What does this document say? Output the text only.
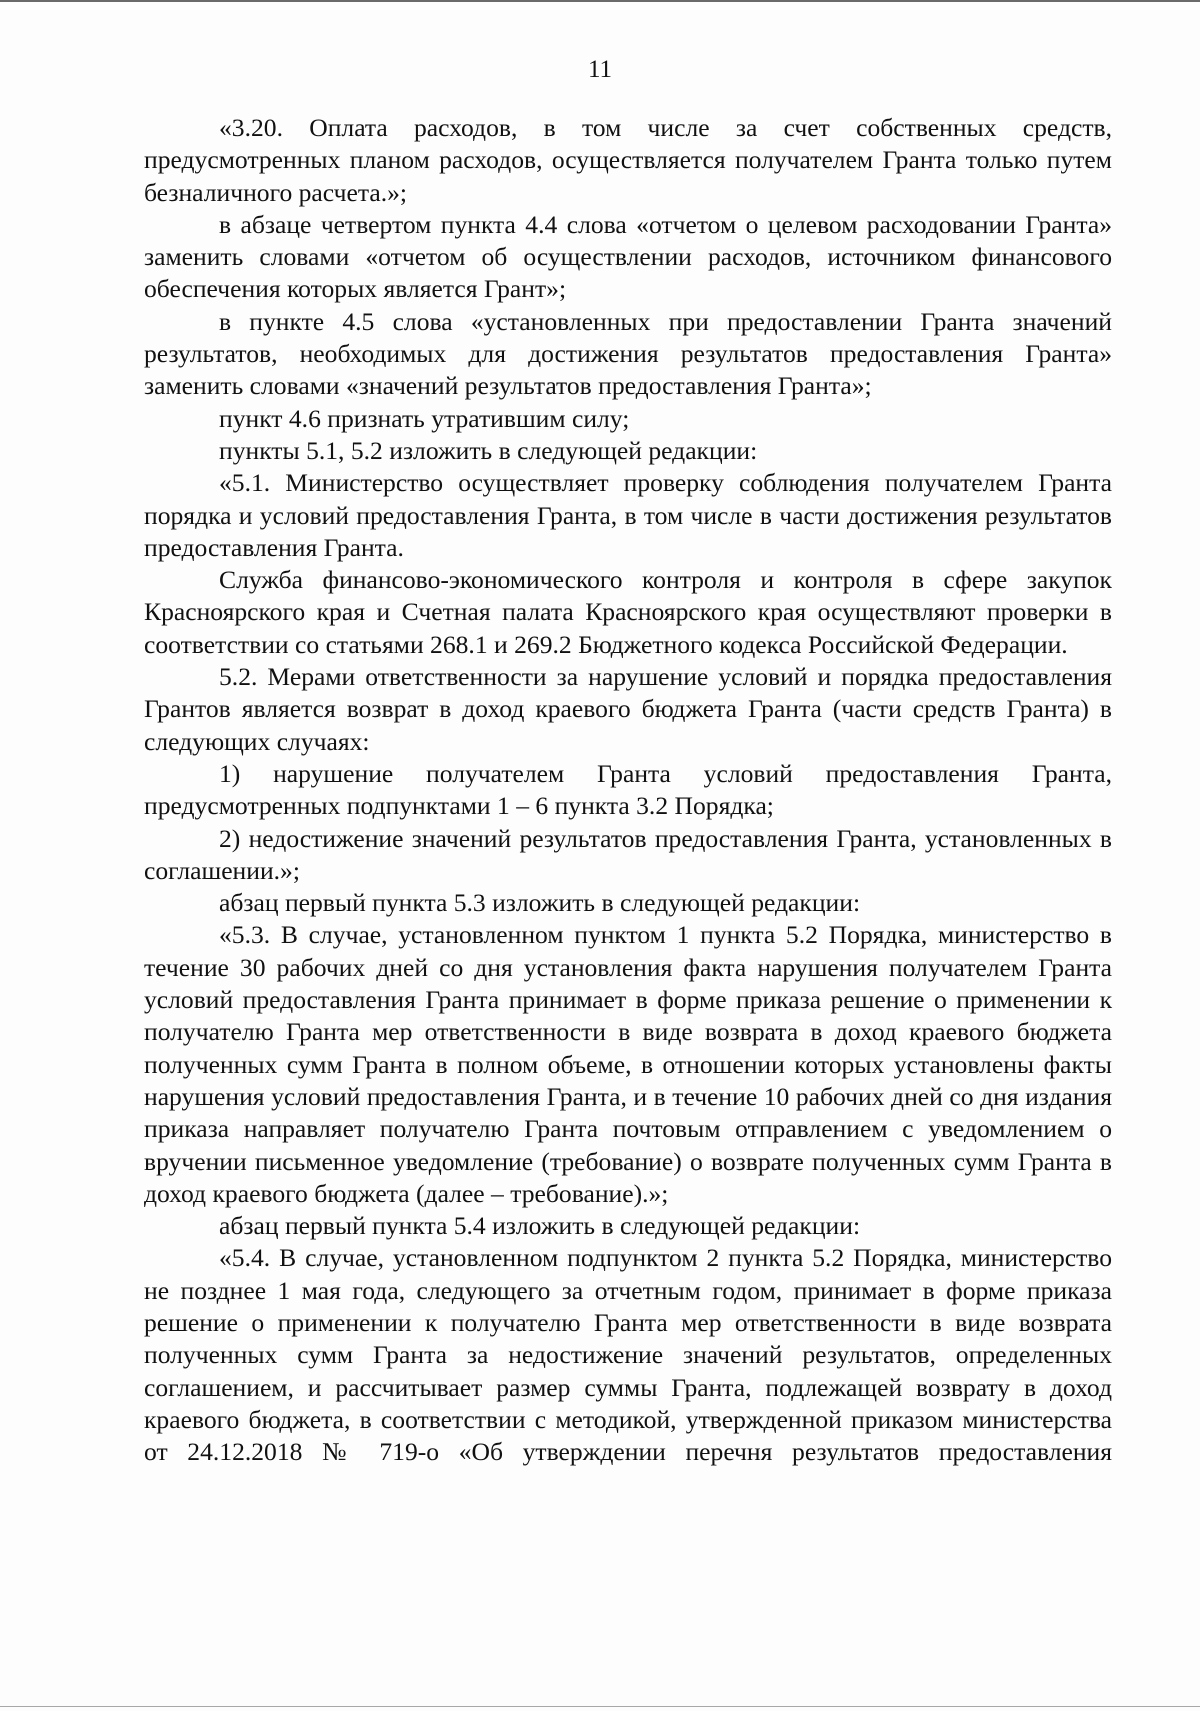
11

«3.20. Оплата расходов, в том числе за счет собственных средств, предусмотренных планом расходов, осуществляется получателем Гранта только путем безналичного расчета.»;

в абзаце четвертом пункта 4.4 слова «отчетом о целевом расходовании Гранта» заменить словами «отчетом об осуществлении расходов, источником финансового обеспечения которых является Грант»;

в пункте 4.5 слова «установленных при предоставлении Гранта значений результатов, необходимых для достижения результатов предоставления Гранта» заменить словами «значений результатов предоставления Гранта»;

пункт 4.6 признать утратившим силу;

пункты 5.1, 5.2 изложить в следующей редакции:

«5.1. Министерство осуществляет проверку соблюдения получателем Гранта порядка и условий предоставления Гранта, в том числе в части достижения результатов предоставления Гранта.

Служба финансово-экономического контроля и контроля в сфере закупок Красноярского края и Счетная палата Красноярского края осуществляют проверки в соответствии со статьями 268.1 и 269.2 Бюджетного кодекса Российской Федерации.

5.2. Мерами ответственности за нарушение условий и порядка предоставления Грантов является возврат в доход краевого бюджета Гранта (части средств Гранта) в следующих случаях:

1) нарушение получателем Гранта условий предоставления Гранта, предусмотренных подпунктами 1 – 6 пункта 3.2 Порядка;

2) недостижение значений результатов предоставления Гранта, установленных в соглашении.»;

абзац первый пункта 5.3 изложить в следующей редакции:

«5.3. В случае, установленном пунктом 1 пункта 5.2 Порядка, министерство в течение 30 рабочих дней со дня установления факта нарушения получателем Гранта условий предоставления Гранта принимает в форме приказа решение о применении к получателю Гранта мер ответственности в виде возврата в доход краевого бюджета полученных сумм Гранта в полном объеме, в отношении которых установлены факты нарушения условий предоставления Гранта, и в течение 10 рабочих дней со дня издания приказа направляет получателю Гранта почтовым отправлением с уведомлением о вручении письменное уведомление (требование) о возврате полученных сумм Гранта в доход краевого бюджета (далее – требование).»;

абзац первый пункта 5.4 изложить в следующей редакции:

«5.4. В случае, установленном подпунктом 2 пункта 5.2 Порядка, министерство не позднее 1 мая года, следующего за отчетным годом, принимает в форме приказа решение о применении к получателю Гранта мер ответственности в виде возврата полученных сумм Гранта за недостижение значений результатов, определенных соглашением, и рассчитывает размер суммы Гранта, подлежащей возврату в доход краевого бюджета, в соответствии с методикой, утвержденной приказом министерства от 24.12.2018 № 719-о «Об утверждении перечня результатов предоставления
